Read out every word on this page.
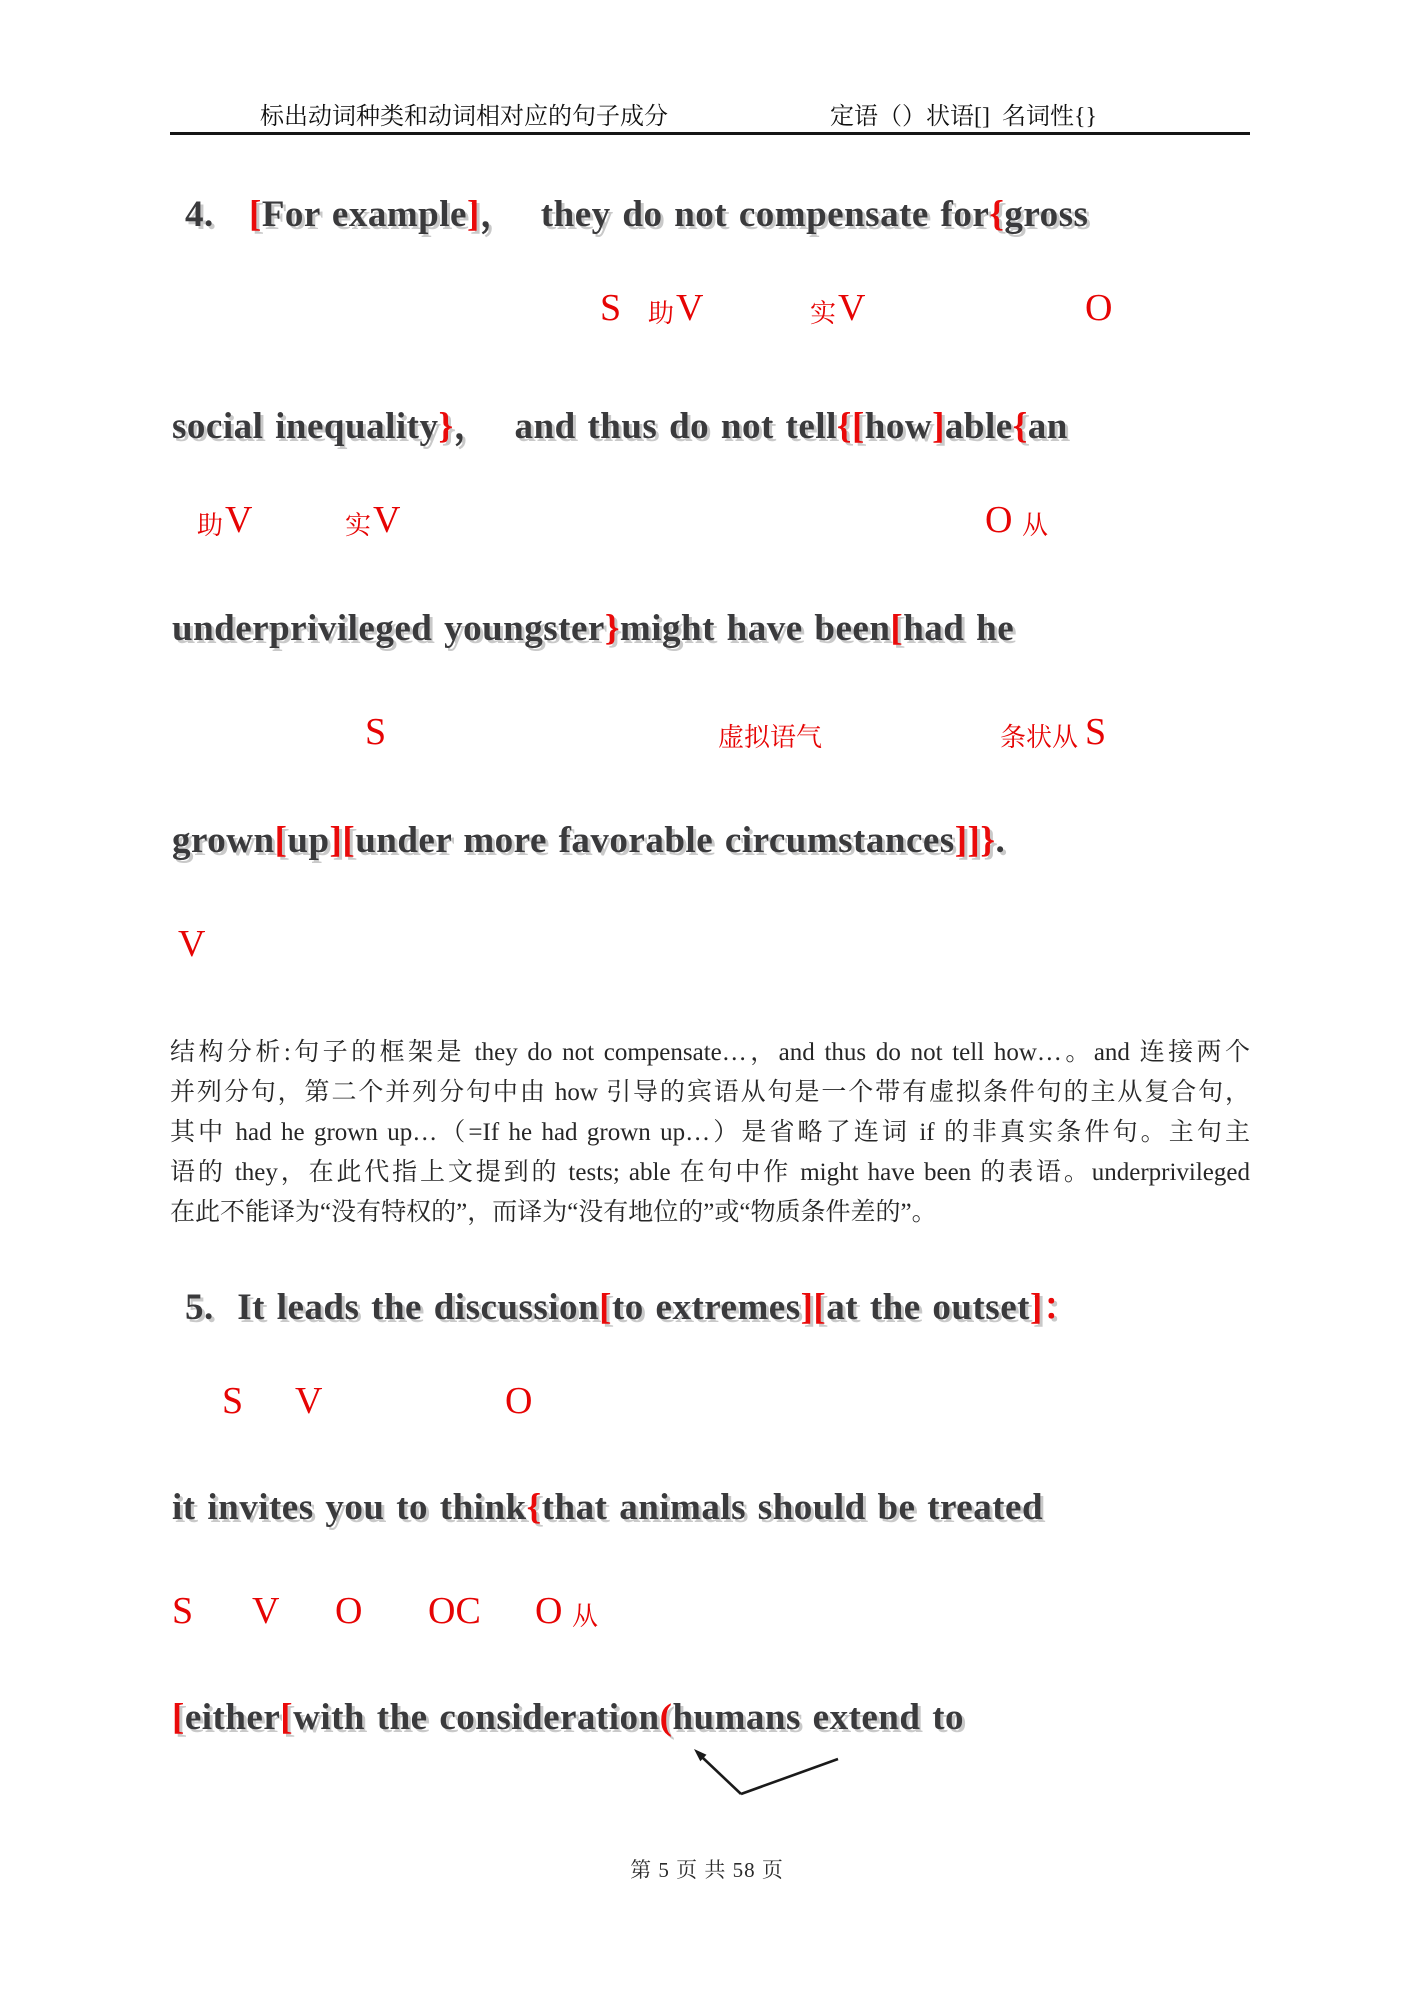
标出动词种类和动词相对应的句子成分	定语（）状语[]  名词性{}
4.   [For example]，  they do not compensate for{gross
social inequality}，  and thus do not tell{[how]able{an
underprivileged youngster}might have been[had he
grown[up][under more favorable circumstances]]}.
S 助 V	实 V	O
助 V	实 V	O 从
S	虚拟语气	条状从 S
V
5.  It leads the discussion[to extremes][at the outset]：
it invites you to think{that animals should be treated
[either[with the consideration(humans extend to
S V	O
S V O OC O 从
结构分析:句子的框架是 they do not compensate…，and thus do not tell how…。and 连接两个
并列分句，第二个并列分句中由 how 引导的宾语从句是一个带有虚拟条件句的主从复合句，
其中 had he grown up…（=If he had grown up…）是省略了连词 if 的非真实条件句。主句主
语的 they，在此代指上文提到的 tests; able 在句中作 might have been 的表语。underprivileged
在此不能译为“没有特权的”，而译为“没有地位的”或“物质条件差的”。
第 5 页 共 58 页
